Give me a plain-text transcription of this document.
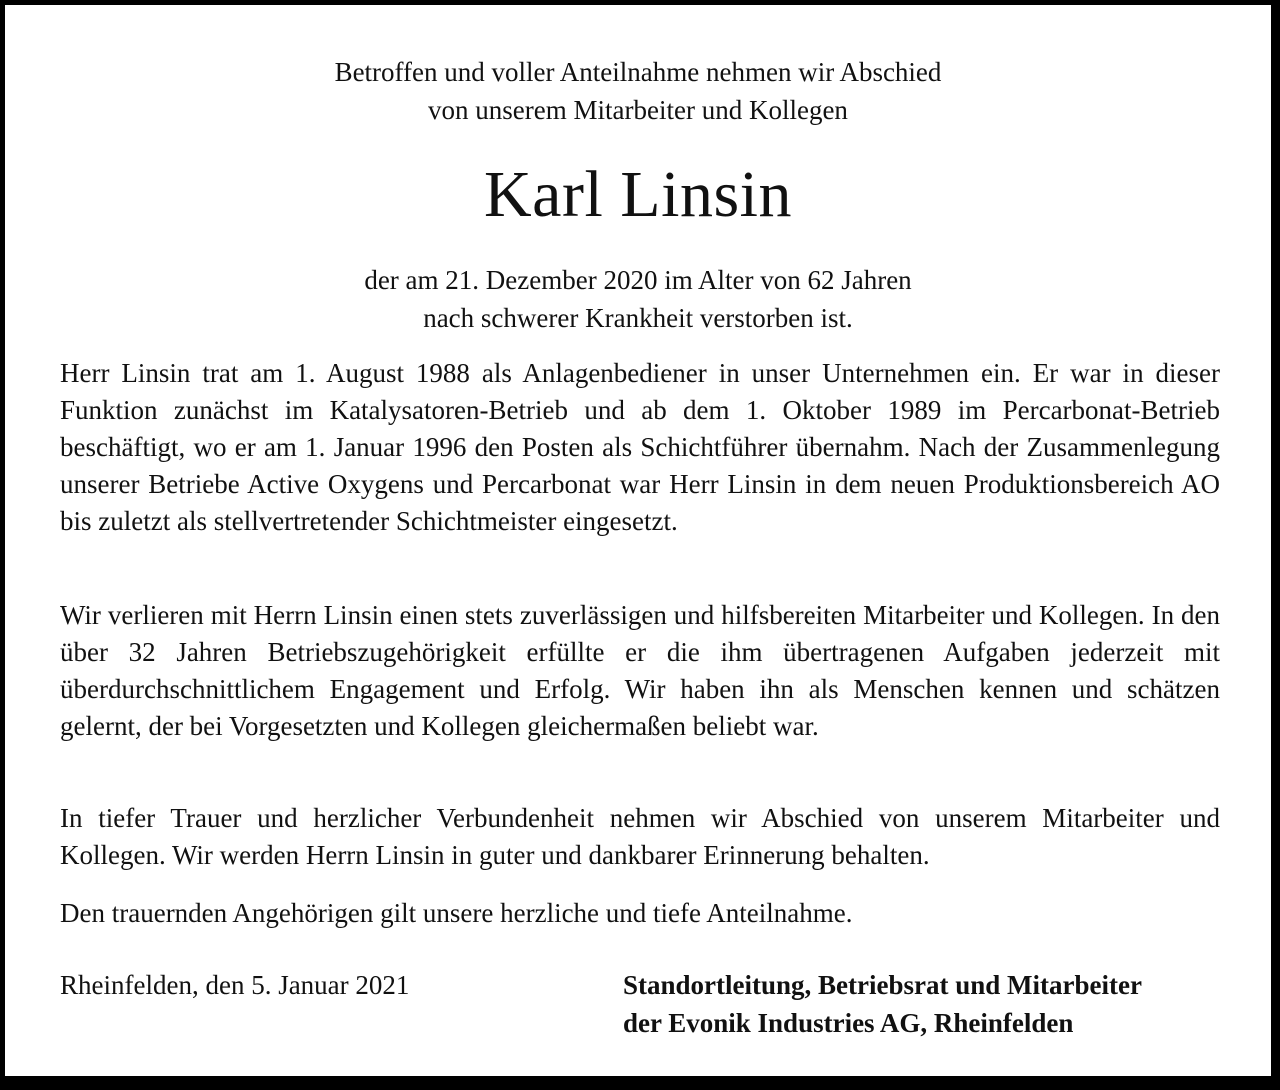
Betroffen und voller Anteilnahme nehmen wir Abschied
von unserem Mitarbeiter und Kollegen
Karl Linsin
der am 21. Dezember 2020 im Alter von 62 Jahren
nach schwerer Krankheit verstorben ist.

Herr Linsin trat am 1. August 1988 als Anlagenbediener in unser Unternehmen ein. Er war in dieser Funktion zunächst im Katalysatoren-Betrieb und ab dem 1. Oktober 1989 im Percarbonat-Betrieb beschäftigt, wo er am 1. Januar 1996 den Posten als Schichtführer übernahm. Nach der Zusammenlegung unserer Betriebe Active Oxygens und Percarbonat war Herr Linsin in dem neuen Produktionsbereich AO bis zuletzt als stellvertretender Schichtmeister eingesetzt.

Wir verlieren mit Herrn Linsin einen stets zuverlässigen und hilfsbereiten Mitarbeiter und Kollegen. In den über 32 Jahren Betriebszugehörigkeit erfüllte er die ihm übertragenen Aufgaben jederzeit mit überdurchschnittlichem Engagement und Erfolg. Wir haben ihn als Menschen kennen und schätzen gelernt, der bei Vorgesetzten und Kollegen gleichermaßen beliebt war.

In tiefer Trauer und herzlicher Verbundenheit nehmen wir Abschied von unserem Mitarbeiter und Kollegen. Wir werden Herrn Linsin in guter und dankbarer Erinnerung behalten.

Den trauernden Angehörigen gilt unsere herzliche und tiefe Anteilnahme.

Rheinfelden, den 5. Januar 2021	Standortleitung, Betriebsrat und Mitarbeiter
der Evonik Industries AG, Rheinfelden
